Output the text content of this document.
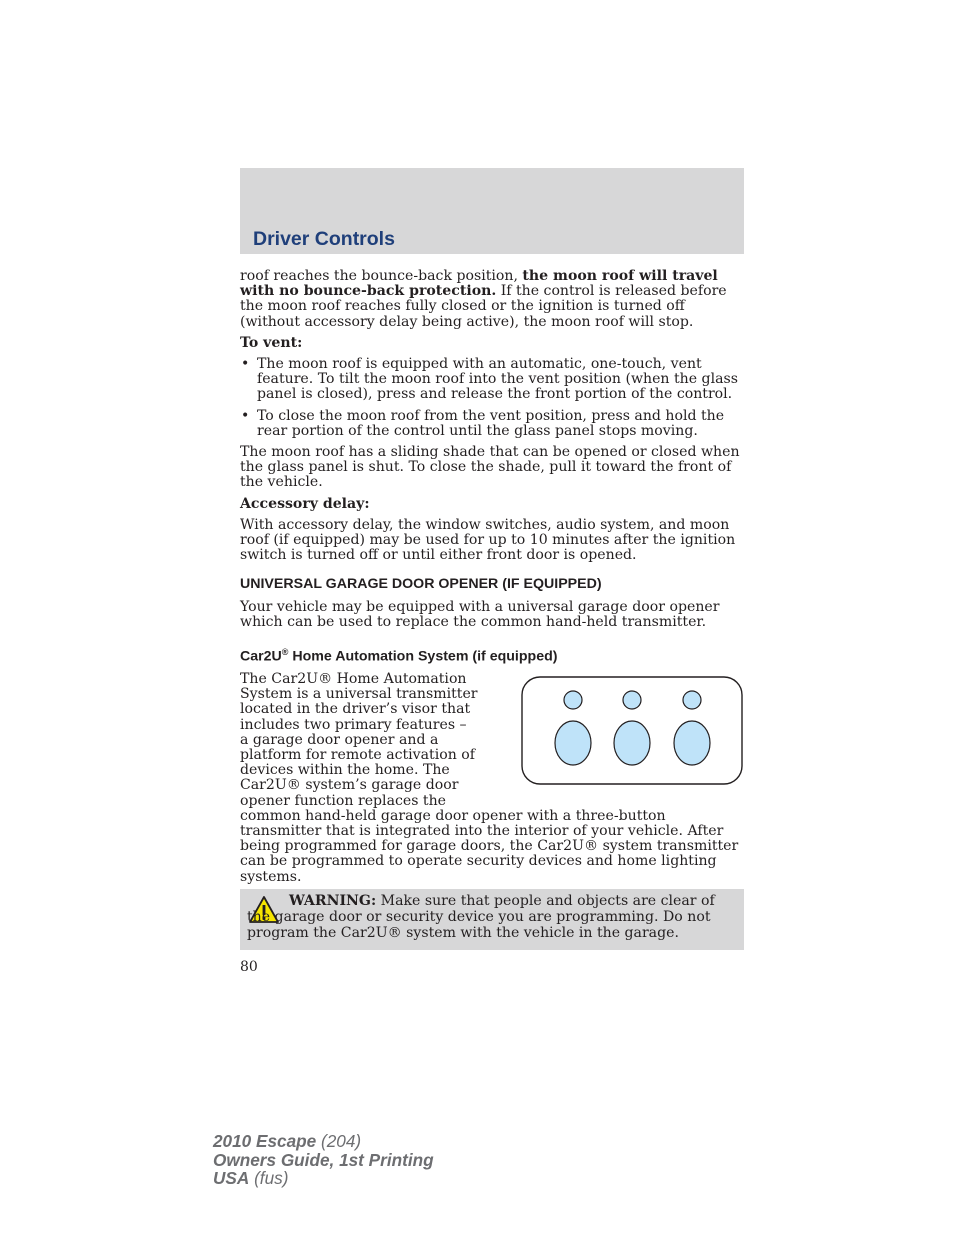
Driver Controls

roof reaches the bounce-back position, the moon roof will travel with no bounce-back protection. If the control is released before the moon roof reaches fully closed or the ignition is turned off (without accessory delay being active), the moon roof will stop.

To vent:
• The moon roof is equipped with an automatic, one-touch, vent feature. To tilt the moon roof into the vent position (when the glass panel is closed), press and release the front portion of the control.
• To close the moon roof from the vent position, press and hold the rear portion of the control until the glass panel stops moving.

The moon roof has a sliding shade that can be opened or closed when the glass panel is shut. To close the shade, pull it toward the front of the vehicle.

Accessory delay:

With accessory delay, the window switches, audio system, and moon roof (if equipped) may be used for up to 10 minutes after the ignition switch is turned off or until either front door is opened.

UNIVERSAL GARAGE DOOR OPENER (IF EQUIPPED)

Your vehicle may be equipped with a universal garage door opener which can be used to replace the common hand-held transmitter.

Car2U® Home Automation System (if equipped)

The Car2U® Home Automation System is a universal transmitter located in the driver’s visor that includes two primary features – a garage door opener and a platform for remote activation of devices within the home. The Car2U® system’s garage door opener function replaces the common hand-held garage door opener with a three-button transmitter that is integrated into the interior of your vehicle. After being programmed for garage doors, the Car2U® system transmitter can be programmed to operate security devices and home lighting systems.

WARNING: Make sure that people and objects are clear of the garage door or security device you are programming. Do not program the Car2U® system with the vehicle in the garage.
80
2010 Escape (204)
Owners Guide, 1st Printing
USA (fus)
